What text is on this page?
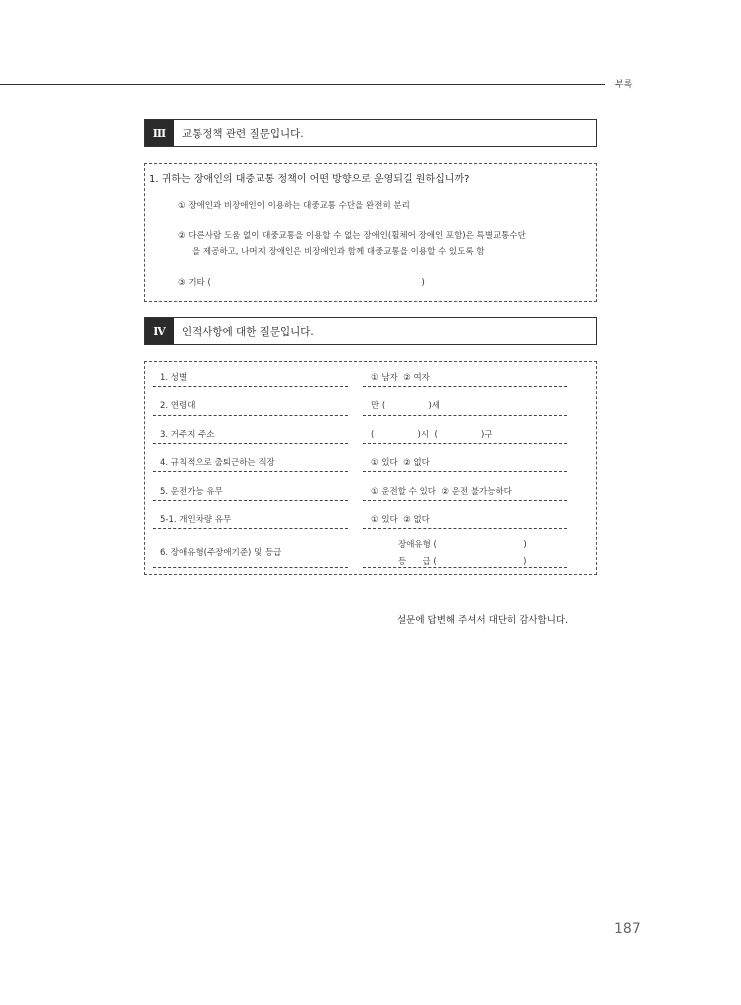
부록
Ⅲ	교통정책 관련 질문입니다.
1. 귀하는 장애인의 대중교통 정책이 어떤 방향으로 운영되길 원하십니까?
① 장애인과 비장애인이 이용하는 대중교통 수단을 완전히 분리
② 다른사람 도움 없이 대중교통을 이용할 수 없는 장애인(휠체어 장애인 포함)은 특별교통수단
을 제공하고, 나머지 장애인은 비장애인과 함께 대중교통을 이용할 수 있도록 함
③ 기타 (                                                                              )
Ⅳ	인적사항에 대한 질문입니다.
1. 성별	① 남자  ② 여자
2. 연령대	만 (                )세
3. 거주지 주소	(                )시  (                )구
4. 규칙적으로 출퇴근하는 직장	① 있다  ② 없다
5. 운전가능 유무	① 운전할 수 있다  ② 운전 불가능하다
5-1. 개인차량 유무	① 있다  ② 없다
6. 장애유형(주장애기준) 및 등급
장애유형 (                                )
등      급 (                                )
설문에 답변해 주셔서 대단히 감사합니다.
187
